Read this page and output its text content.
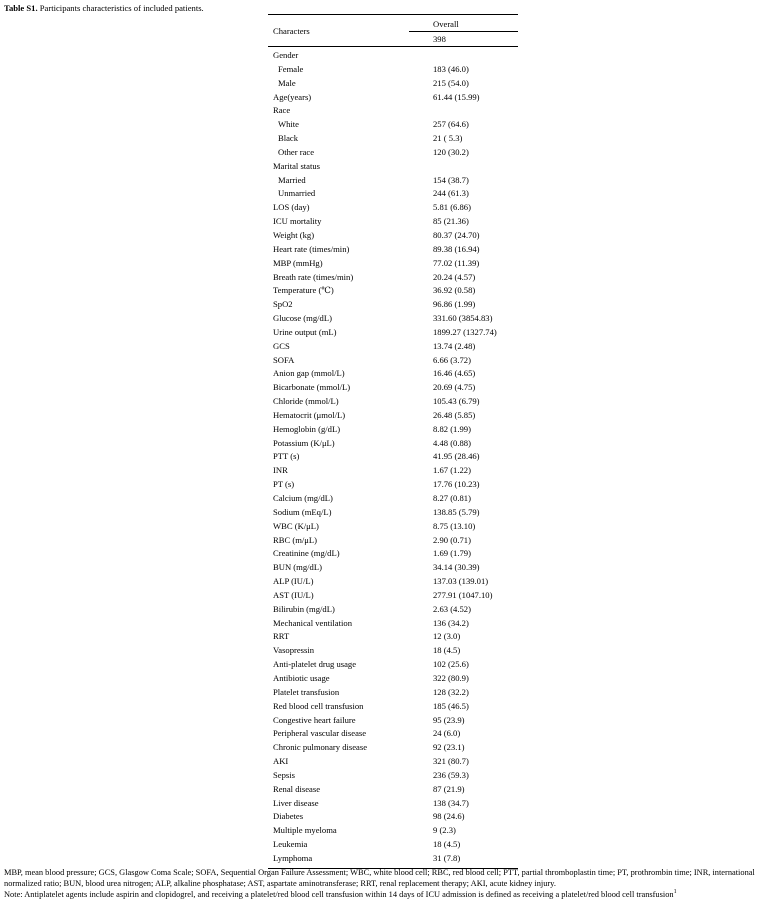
Table S1. Participants characteristics of included patients.
Characters
Overall
398
Gender
Female	183 (46.0)
Male	215 (54.0)
Age(years)	61.44 (15.99)
Race
White	257 (64.6)
Black	21 ( 5.3)
Other race	120 (30.2)
Marital status
Married	154 (38.7)
Unmarried	244 (61.3)
LOS (day)	5.81 (6.86)
ICU mortality	85 (21.36)
Weight (kg)	80.37 (24.70)
Heart rate (times/min)	89.38 (16.94)
MBP (mmHg)	77.02 (11.39)
Breath rate (times/min)	20.24 (4.57)
Temperature (℃)	36.92 (0.58)
SpO2	96.86 (1.99)
Glucose (mg/dL)	331.60 (3854.83)
Urine output (mL)	1899.27 (1327.74)
GCS	13.74 (2.48)
SOFA	6.66 (3.72)
Anion gap (mmol/L)	16.46 (4.65)
Bicarbonate (mmol/L)	20.69 (4.75)
Chloride (mmol/L)	105.43 (6.79)
Hematocrit (μmol/L)	26.48 (5.85)
Hemoglobin (g/dL)	8.82 (1.99)
Potassium (K/μL)	4.48 (0.88)
PTT (s)	41.95 (28.46)
INR	1.67 (1.22)
PT (s)	17.76 (10.23)
Calcium (mg/dL)	8.27 (0.81)
Sodium (mEq/L)	138.85 (5.79)
WBC (K/μL)	8.75 (13.10)
RBC (m/μL)	2.90 (0.71)
Creatinine (mg/dL)	1.69 (1.79)
BUN (mg/dL)	34.14 (30.39)
ALP (IU/L)	137.03 (139.01)
AST (IU/L)	277.91 (1047.10)
Bilirubin (mg/dL)	2.63 (4.52)
Mechanical ventilation	136 (34.2)
RRT	12 (3.0)
Vasopressin	18 (4.5)
Anti-platelet drug usage	102 (25.6)
Antibiotic usage	322 (80.9)
Platelet transfusion	128 (32.2)
Red blood cell transfusion	185 (46.5)
Congestive heart failure	95 (23.9)
Peripheral vascular disease	24 (6.0)
Chronic pulmonary disease	92 (23.1)
AKI	321 (80.7)
Sepsis	236 (59.3)
Renal disease	87 (21.9)
Liver disease	138 (34.7)
Diabetes	98 (24.6)
Multiple myeloma	9 (2.3)
Leukemia	18 (4.5)
Lymphoma	31 (7.8)
MBP, mean blood pressure; GCS, Glasgow Coma Scale; SOFA, Sequential Organ Failure Assessment; WBC, white blood cell; RBC, red blood cell; PTT, partial thromboplastin time; PT, prothrombin time; INR, international normalized ratio; BUN, blood urea nitrogen; ALP, alkaline phosphatase; AST, aspartate aminotransferase; RRT, renal replacement therapy; AKI, acute kidney injury.
Note: Antiplatelet agents include aspirin and clopidogrel, and receiving a platelet/red blood cell transfusion within 14 days of ICU admission is defined as receiving a platelet/red blood cell transfusion$^1$
